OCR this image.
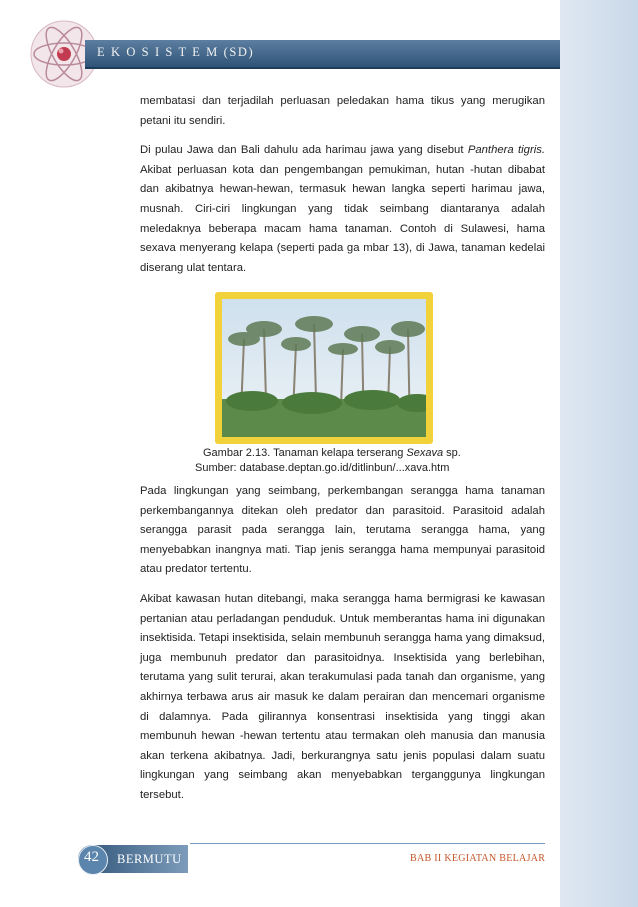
E K O S I S T E M (SD)

membatasi dan terjadilah perluasan peledakan hama tikus yang merugikan petani itu sendiri.

Di pulau Jawa dan Bali dahulu ada harimau jawa yang disebut Panthera tigris. Akibat perluasan kota dan pengembangan pemukiman, hutan -hutan dibabat dan akibatnya hewan-hewan, termasuk hewan langka seperti harimau jawa, musnah. Ciri-ciri lingkungan yang tidak seimbang diantaranya adalah meledaknya beberapa macam hama tanaman. Contoh di Sulawesi, hama sexava menyerang kelapa (seperti pada ga mbar 13), di Jawa, tanaman kedelai diserang ulat tentara.

Gambar 2.13. Tanaman kelapa terserang Sexava sp.
Sumber: database.deptan.go.id/ditlinbun/...xava.htm

Pada lingkungan yang seimbang, perkembangan serangga hama tanaman perkembangannya ditekan oleh predator dan parasitoid. Parasitoid adalah serangga parasit pada serangga lain, terutama serangga hama, yang menyebabkan inangnya mati. Tiap jenis serangga hama mempunyai parasitoid atau predator tertentu.

Akibat kawasan hutan ditebangi, maka serangga hama bermigrasi ke kawasan pertanian atau perladangan penduduk. Untuk memberantas hama ini digunakan insektisida. Tetapi insektisida, selain membunuh serangga hama yang dimaksud, juga membunuh predator dan parasitoidnya. Insektisida yang berlebihan, terutama yang sulit terurai, akan terakumulasi pada tanah dan organisme, yang akhirnya terbawa arus air masuk ke dalam perairan dan mencemari organisme di dalamnya. Pada gilirannya konsentrasi insektisida yang tinggi akan membunuh hewan -hewan tertentu atau termakan oleh manusia dan manusia akan terkena akibatnya. Jadi, berkurangnya satu jenis populasi dalam suatu lingkungan yang seimbang akan menyebabkan terganggunya lingkungan tersebut.

42 BERMUTU	BAB II KEGIATAN BELAJAR
